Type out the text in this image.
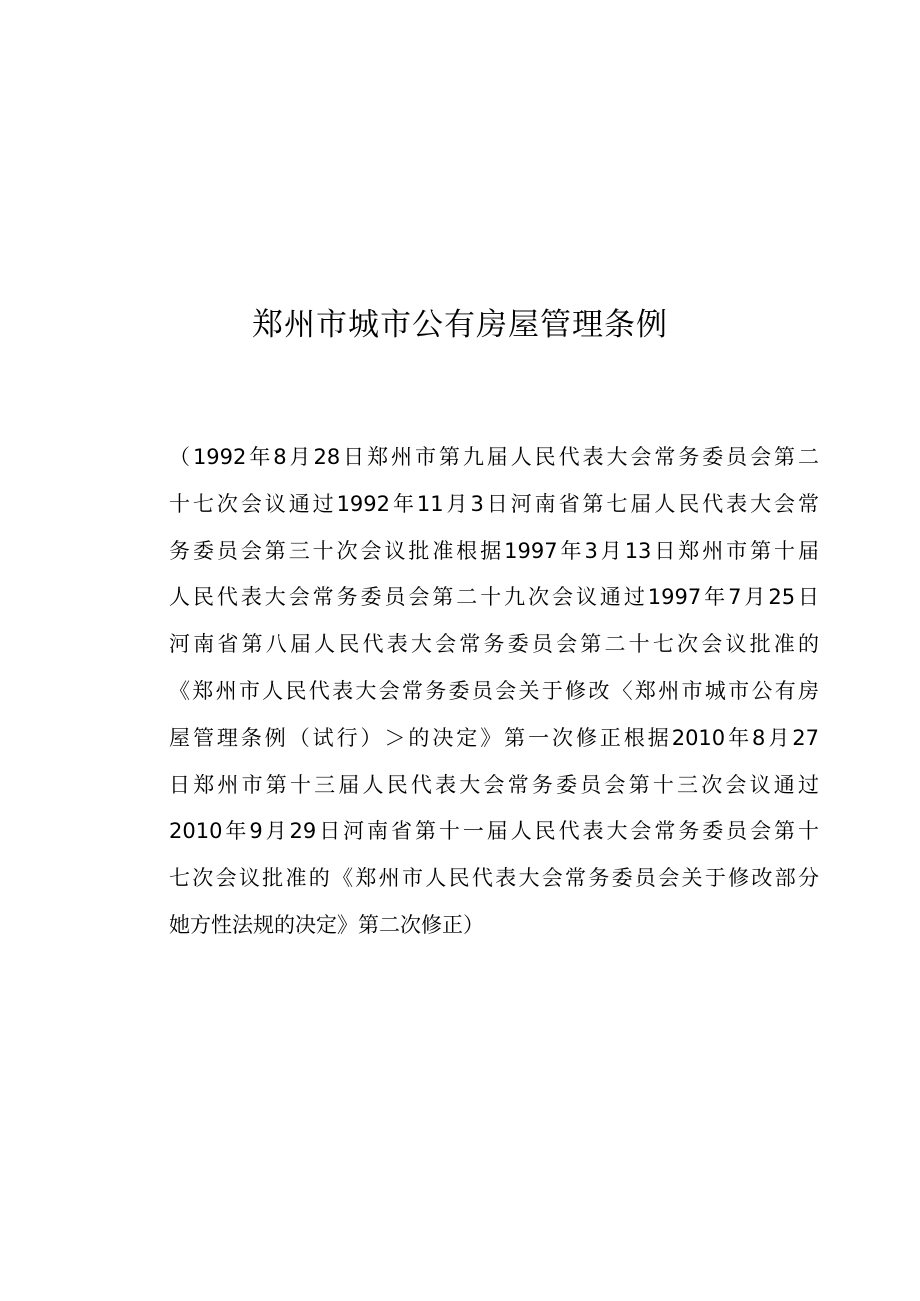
郑州市城市公有房屋管理条例
（1992年8月28日郑州市第九届人民代表大会常务委员会第二
十七次会议通过1992年11月3日河南省第七届人民代表大会常
务委员会第三十次会议批准根据1997年3月13日郑州市第十届
人民代表大会常务委员会第二十九次会议通过1997年7月25日
河南省第八届人民代表大会常务委员会第二十七次会议批准的
《郑州市人民代表大会常务委员会关于修改〈郑州市城市公有房
屋管理条例（试行）＞的决定》第一次修正根据2010年8月27
日郑州市第十三届人民代表大会常务委员会第十三次会议通过
2010年9月29日河南省第十一届人民代表大会常务委员会第十
七次会议批准的《郑州市人民代表大会常务委员会关于修改部分
她方性法规的决定》第二次修正）
